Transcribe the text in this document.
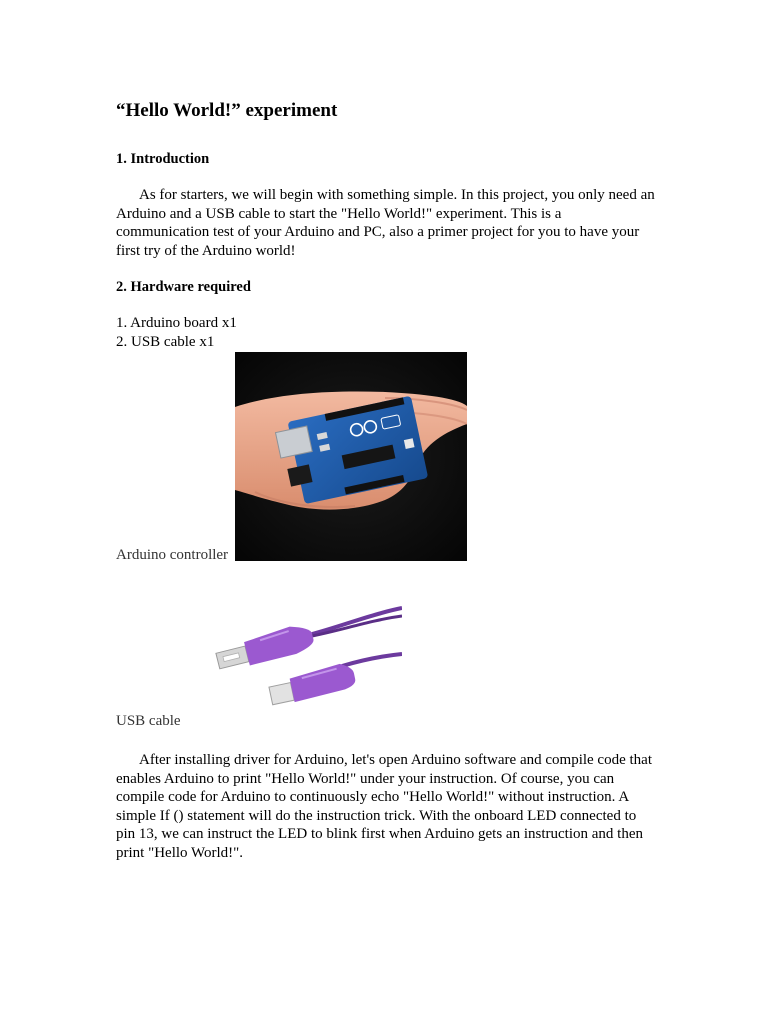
“Hello World!” experiment
1. Introduction

As for starters, we will begin with something simple. In this project, you only need an Arduino and a USB cable to start the "Hello World!" experiment. This is a communication test of your Arduino and PC, also a primer project for you to have your first try of the Arduino world!

2. Hardware required
1. Arduino board x1
2. USB cable x1
Arduino controller
USB cable

After installing driver for Arduino, let's open Arduino software and compile code that enables Arduino to print "Hello World!" under your instruction. Of course, you can compile code for Arduino to continuously echo "Hello World!" without instruction. A simple If () statement will do the instruction trick. With the onboard LED connected to pin 13, we can instruct the LED to blink first when Arduino gets an instruction and then print "Hello World!".
